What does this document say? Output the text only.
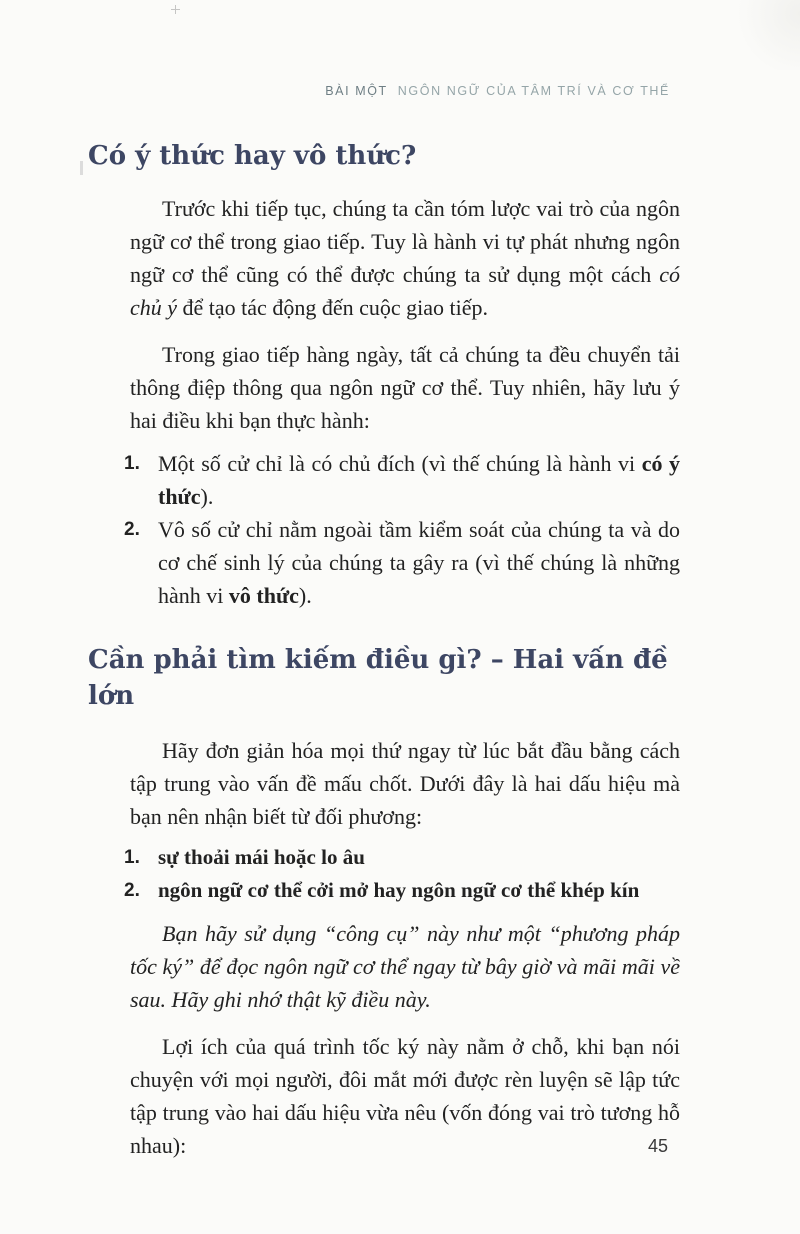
BÀI MỘT NGÔN NGỮ CỦA TÂM TRÍ VÀ CƠ THỂ
Có ý thức hay vô thức?

Trước khi tiếp tục, chúng ta cần tóm lược vai trò của ngôn ngữ cơ thể trong giao tiếp. Tuy là hành vi tự phát nhưng ngôn ngữ cơ thể cũng có thể được chúng ta sử dụng một cách có chủ ý để tạo tác động đến cuộc giao tiếp.

Trong giao tiếp hàng ngày, tất cả chúng ta đều chuyển tải thông điệp thông qua ngôn ngữ cơ thể. Tuy nhiên, hãy lưu ý hai điều khi bạn thực hành:

1. Một số cử chỉ là có chủ đích (vì thế chúng là hành vi có ý thức).
2. Vô số cử chỉ nằm ngoài tầm kiểm soát của chúng ta và do cơ chế sinh lý của chúng ta gây ra (vì thế chúng là những hành vi vô thức).
Cần phải tìm kiếm điều gì? – Hai vấn đề lớn

Hãy đơn giản hóa mọi thứ ngay từ lúc bắt đầu bằng cách tập trung vào vấn đề mấu chốt. Dưới đây là hai dấu hiệu mà bạn nên nhận biết từ đối phương:

1. sự thoải mái hoặc lo âu
2. ngôn ngữ cơ thể cởi mở hay ngôn ngữ cơ thể khép kín

Bạn hãy sử dụng “công cụ” này như một “phương pháp tốc ký” để đọc ngôn ngữ cơ thể ngay từ bây giờ và mãi mãi về sau. Hãy ghi nhớ thật kỹ điều này.

Lợi ích của quá trình tốc ký này nằm ở chỗ, khi bạn nói chuyện với mọi người, đôi mắt mới được rèn luyện sẽ lập tức tập trung vào hai dấu hiệu vừa nêu (vốn đóng vai trò tương hỗ nhau):	45
